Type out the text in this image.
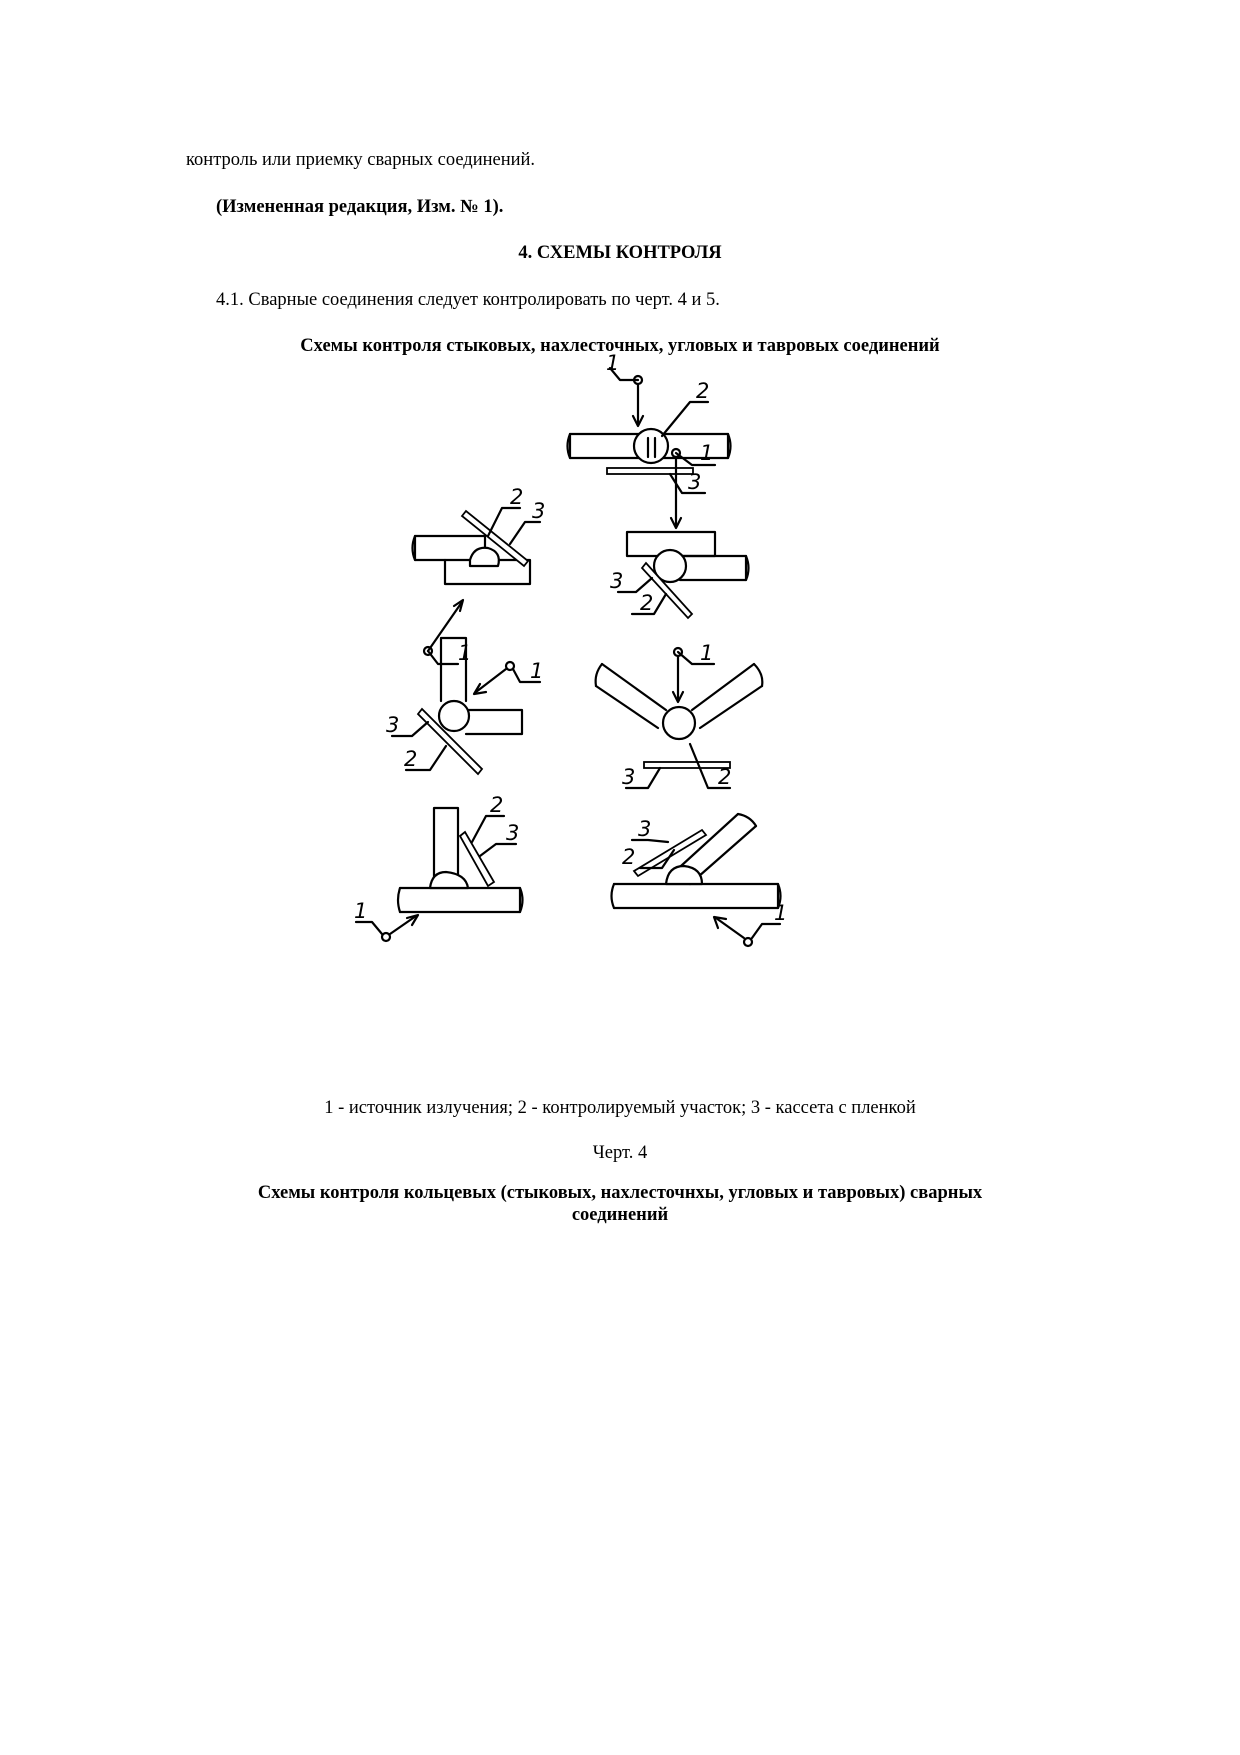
контроль или приемку сварных соединений.
(Измененная редакция, Изм. № 1).
4. СХЕМЫ КОНТРОЛЯ
4.1. Сварные соединения следует контролировать по черт. 4 и 5.
Схемы контроля стыковых, нахлесточных, угловых и тавровых соединений
1
2
3
1
2
3
1
3
2
1
3
2
1
3	2
1
2
3
1
3
2
1 - источник излучения; 2 - контролируемый участок; 3 - кассета с пленкой
Черт. 4
Схемы контроля кольцевых (стыковых, нахлесточнхы, угловых и тавровых) сварных соединений
